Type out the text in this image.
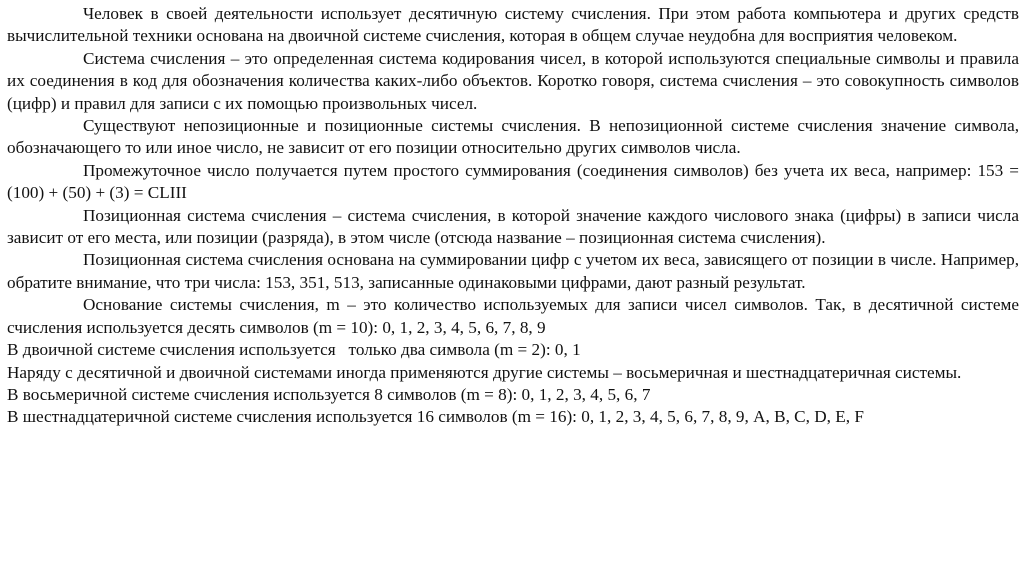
Человек в своей деятельности использует десятичную систему счисления. При этом работа компьютера и других средств вычислительной техники основана на двоичной системе счисления, которая в общем случае неудобна для восприятия человеком.

Система счисления – это определенная система кодирования чисел, в которой используются специальные символы и правила их соединения в код для обозначения количества каких-либо объектов. Коротко говоря, система счисления – это совокупность символов (цифр) и правил для записи с их помощью произвольных чисел.

Существуют непозиционные и позиционные системы счисления. В непозиционной системе счисления значение символа, обозначающего то или иное число, не зависит от его позиции относительно других символов числа.

Промежуточное число получается путем простого суммирования (соединения символов) без учета их веса, например: 153 = (100) + (50) + (3) = CLIII

Позиционная система счисления – система счисления, в которой значение каждого числового знака (цифры) в записи числа зависит от его места, или позиции (разряда), в этом числе (отсюда название – позиционная система счисления).

Позиционная система счисления основана на суммировании цифр с учетом их веса, зависящего от позиции в числе. Например, обратите внимание, что три числа: 153, 351, 513, записанные одинаковыми цифрами, дают разный результат.

Основание системы счисления, m – это количество используемых для записи чисел символов. Так, в десятичной системе счисления используется десять символов (m = 10): 0, 1, 2, 3, 4, 5, 6, 7, 8, 9

В двоичной системе счисления используется   только два символа (m = 2): 0, 1

Наряду с десятичной и двоичной системами иногда применяются другие системы – восьмеричная и шестнадцатеричная системы.

В восьмеричной системе счисления используется 8 символов (m = 8): 0, 1, 2, 3, 4, 5, 6, 7

В шестнадцатеричной системе счисления используется 16 символов (m = 16): 0, 1, 2, 3, 4, 5, 6, 7, 8, 9, A, B, C, D, E, F
